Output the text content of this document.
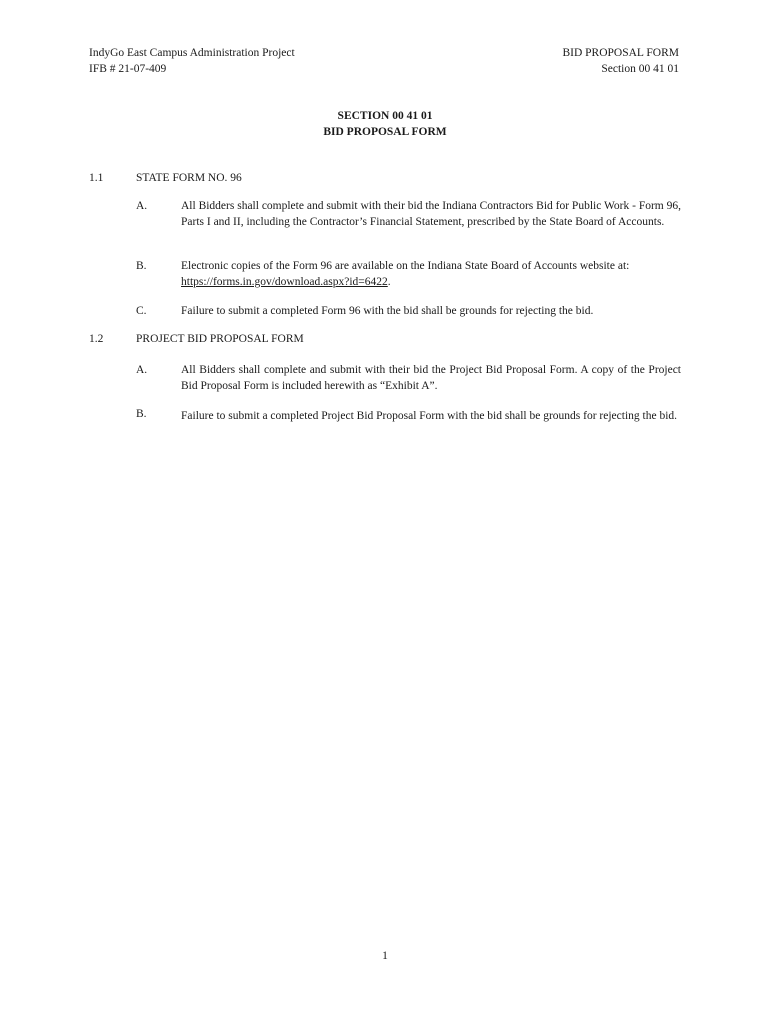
IndyGo East Campus Administration Project
IFB # 21-07-409
BID PROPOSAL FORM
Section 00 41 01
SECTION 00 41 01
BID PROPOSAL FORM
1.1	STATE FORM NO. 96
A.	All Bidders shall complete and submit with their bid the Indiana Contractors Bid for Public Work - Form 96, Parts I and II, including the Contractor’s Financial Statement, prescribed by the State Board of Accounts.
B.	Electronic copies of the Form 96 are available on the Indiana State Board of Accounts website at:
https://forms.in.gov/download.aspx?id=6422.
C.	Failure to submit a completed Form 96 with the bid shall be grounds for rejecting the bid.
1.2	PROJECT BID PROPOSAL FORM
A.	All Bidders shall complete and submit with their bid the Project Bid Proposal Form. A copy of the Project Bid Proposal Form is included herewith as “Exhibit A”.
B.	Failure to submit a completed Project Bid Proposal Form with the bid shall be grounds for rejecting the bid.
1
